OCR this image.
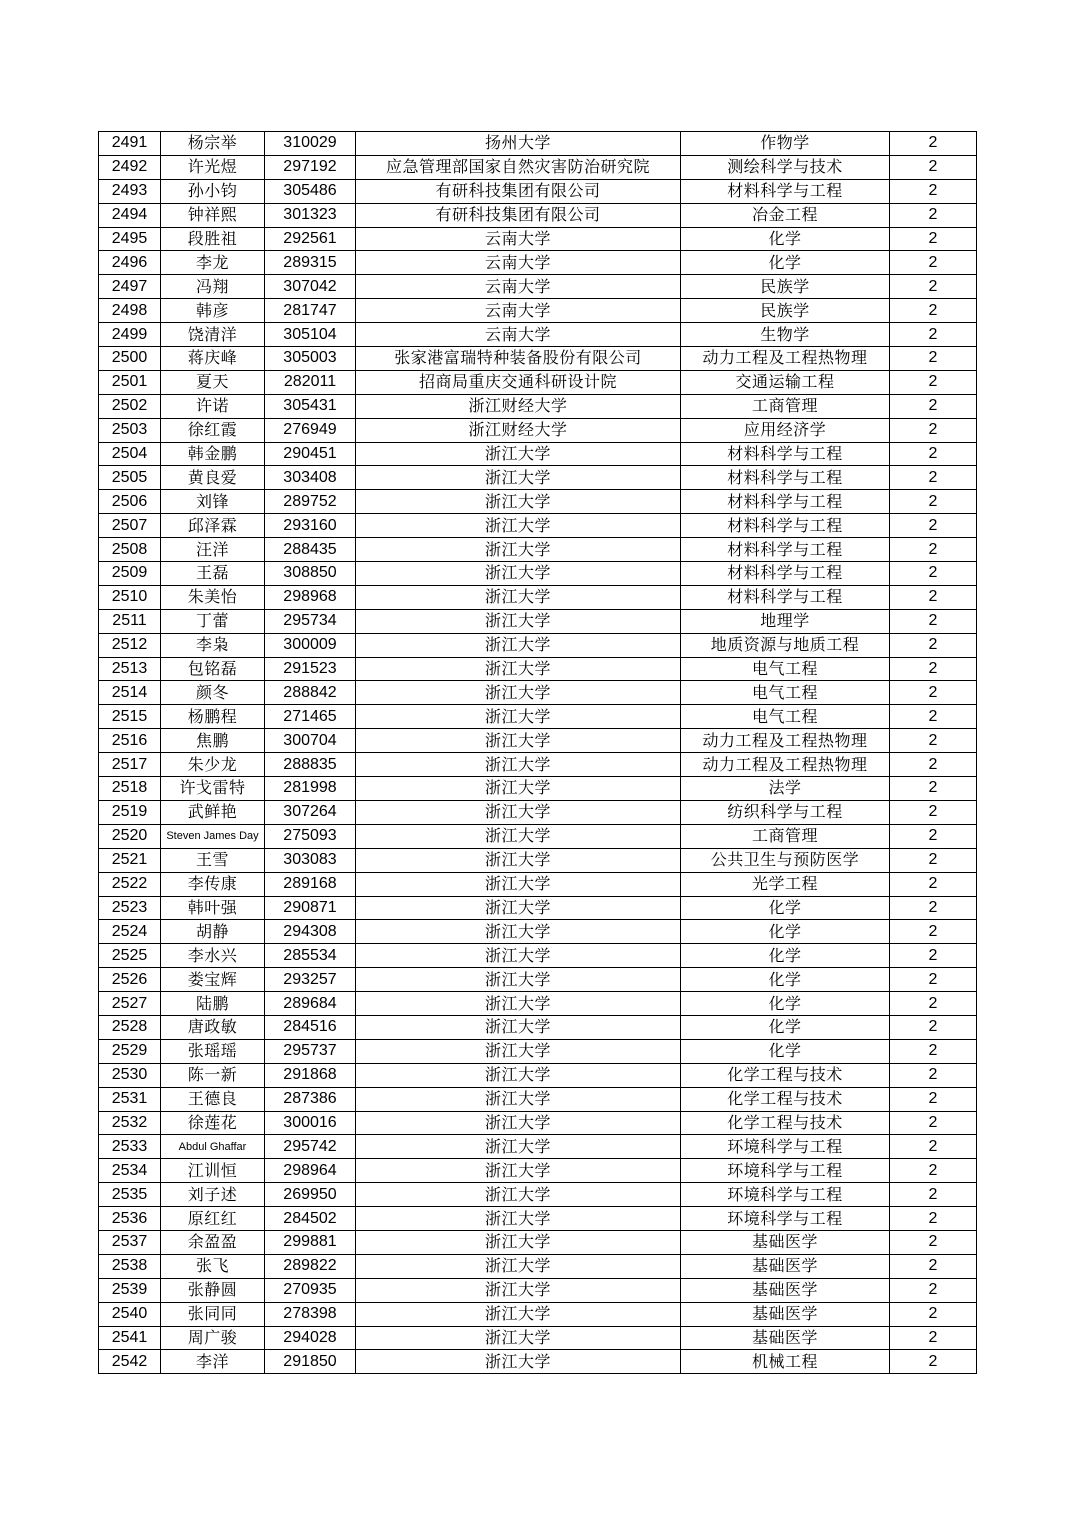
2491	杨宗举	310029	扬州大学	作物学	2
2492	许光煜	297192	应急管理部国家自然灾害防治研究院	测绘科学与技术	2
2493	孙小钧	305486	有研科技集团有限公司	材料科学与工程	2
2494	钟祥熙	301323	有研科技集团有限公司	冶金工程	2
2495	段胜祖	292561	云南大学	化学	2
2496	李龙	289315	云南大学	化学	2
2497	冯翔	307042	云南大学	民族学	2
2498	韩彦	281747	云南大学	民族学	2
2499	饶清洋	305104	云南大学	生物学	2
2500	蒋庆峰	305003	张家港富瑞特种装备股份有限公司	动力工程及工程热物理	2
2501	夏天	282011	招商局重庆交通科研设计院	交通运输工程	2
2502	许诺	305431	浙江财经大学	工商管理	2
2503	徐红霞	276949	浙江财经大学	应用经济学	2
2504	韩金鹏	290451	浙江大学	材料科学与工程	2
2505	黄良爱	303408	浙江大学	材料科学与工程	2
2506	刘锋	289752	浙江大学	材料科学与工程	2
2507	邱泽霖	293160	浙江大学	材料科学与工程	2
2508	汪洋	288435	浙江大学	材料科学与工程	2
2509	王磊	308850	浙江大学	材料科学与工程	2
2510	朱美怡	298968	浙江大学	材料科学与工程	2
2511	丁蕾	295734	浙江大学	地理学	2
2512	李枭	300009	浙江大学	地质资源与地质工程	2
2513	包铭磊	291523	浙江大学	电气工程	2
2514	颜冬	288842	浙江大学	电气工程	2
2515	杨鹏程	271465	浙江大学	电气工程	2
2516	焦鹏	300704	浙江大学	动力工程及工程热物理	2
2517	朱少龙	288835	浙江大学	动力工程及工程热物理	2
2518	许戈雷特	281998	浙江大学	法学	2
2519	武鲜艳	307264	浙江大学	纺织科学与工程	2
2520	Steven James Day	275093	浙江大学	工商管理	2
2521	王雪	303083	浙江大学	公共卫生与预防医学	2
2522	李传康	289168	浙江大学	光学工程	2
2523	韩叶强	290871	浙江大学	化学	2
2524	胡静	294308	浙江大学	化学	2
2525	李水兴	285534	浙江大学	化学	2
2526	娄宝辉	293257	浙江大学	化学	2
2527	陆鹏	289684	浙江大学	化学	2
2528	唐政敏	284516	浙江大学	化学	2
2529	张瑶瑶	295737	浙江大学	化学	2
2530	陈一新	291868	浙江大学	化学工程与技术	2
2531	王德良	287386	浙江大学	化学工程与技术	2
2532	徐莲花	300016	浙江大学	化学工程与技术	2
2533	Abdul Ghaffar	295742	浙江大学	环境科学与工程	2
2534	江训恒	298964	浙江大学	环境科学与工程	2
2535	刘子述	269950	浙江大学	环境科学与工程	2
2536	原红红	284502	浙江大学	环境科学与工程	2
2537	余盈盈	299881	浙江大学	基础医学	2
2538	张飞	289822	浙江大学	基础医学	2
2539	张静圆	270935	浙江大学	基础医学	2
2540	张同同	278398	浙江大学	基础医学	2
2541	周广骏	294028	浙江大学	基础医学	2
2542	李洋	291850	浙江大学	机械工程	2
